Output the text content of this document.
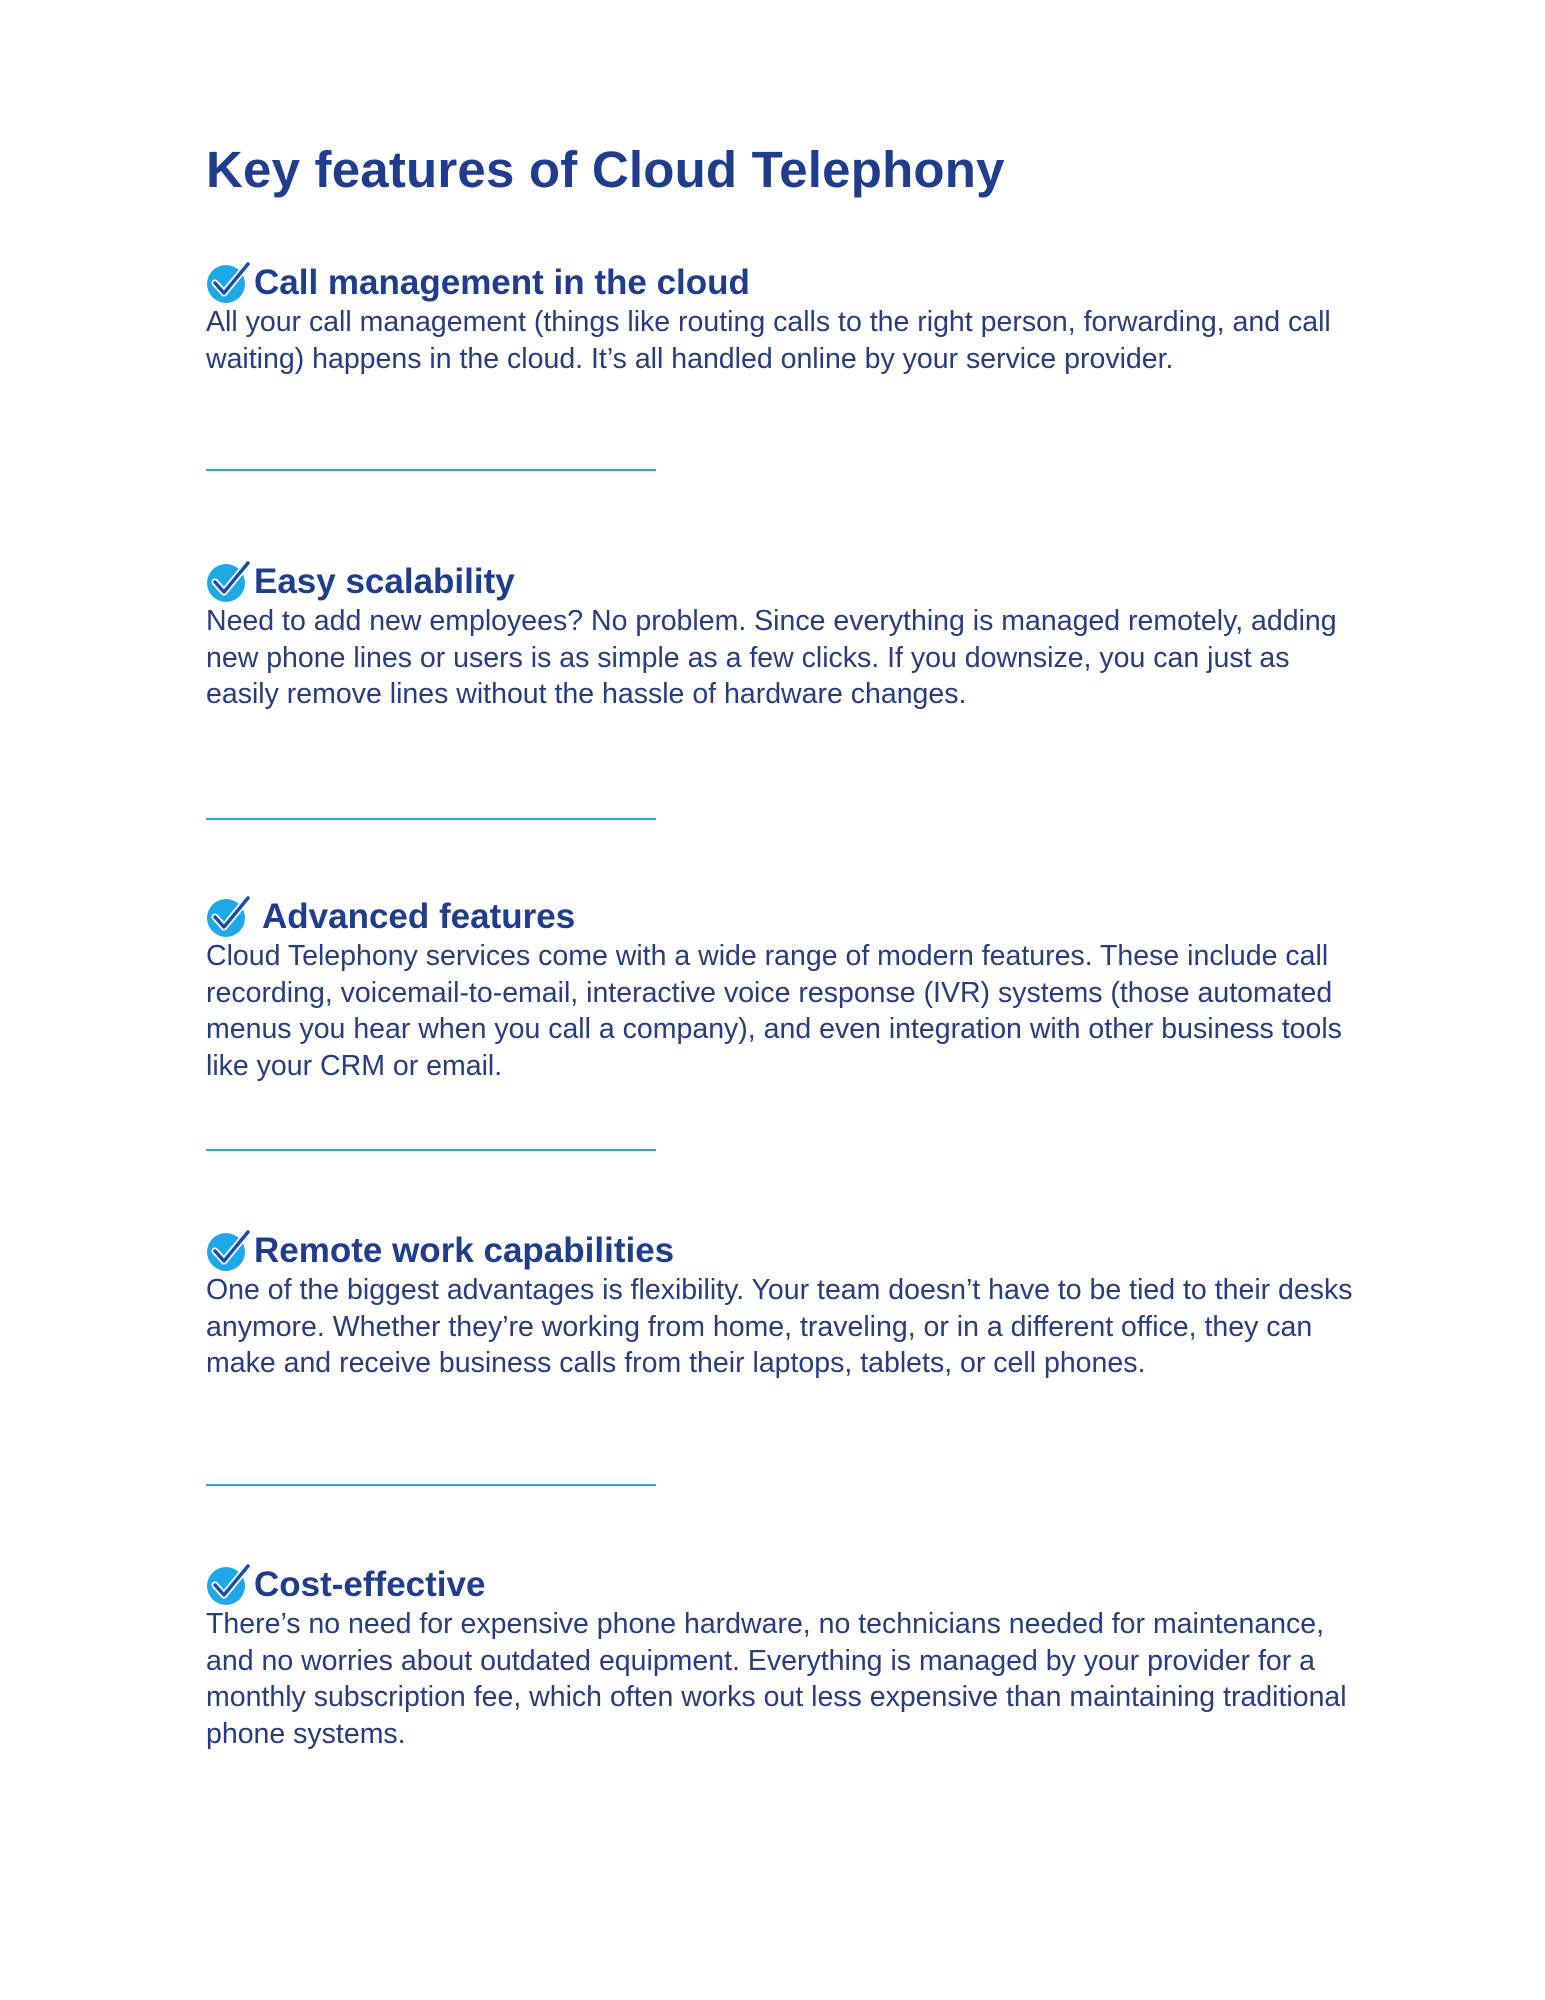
Key features of Cloud Telephony
Call management in the cloud

All your call management (things like routing calls to the right person, forwarding, and call waiting) happens in the cloud. It’s all handled online by your service provider.

Easy scalability

Need to add new employees? No problem. Since everything is managed remotely, adding new phone lines or users is as simple as a few clicks. If you downsize, you can just as easily remove lines without the hassle of hardware changes.

Advanced features

Cloud Telephony services come with a wide range of modern features. These include call recording, voicemail-to-email, interactive voice response (IVR) systems (those automated menus you hear when you call a company), and even integration with other business tools like your CRM or email.

Remote work capabilities

One of the biggest advantages is flexibility. Your team doesn’t have to be tied to their desks anymore. Whether they’re working from home, traveling, or in a different office, they can make and receive business calls from their laptops, tablets, or cell phones.

Cost-effective

There’s no need for expensive phone hardware, no technicians needed for maintenance, and no worries about outdated equipment. Everything is managed by your provider for a monthly subscription fee, which often works out less expensive than maintaining traditional phone systems.
